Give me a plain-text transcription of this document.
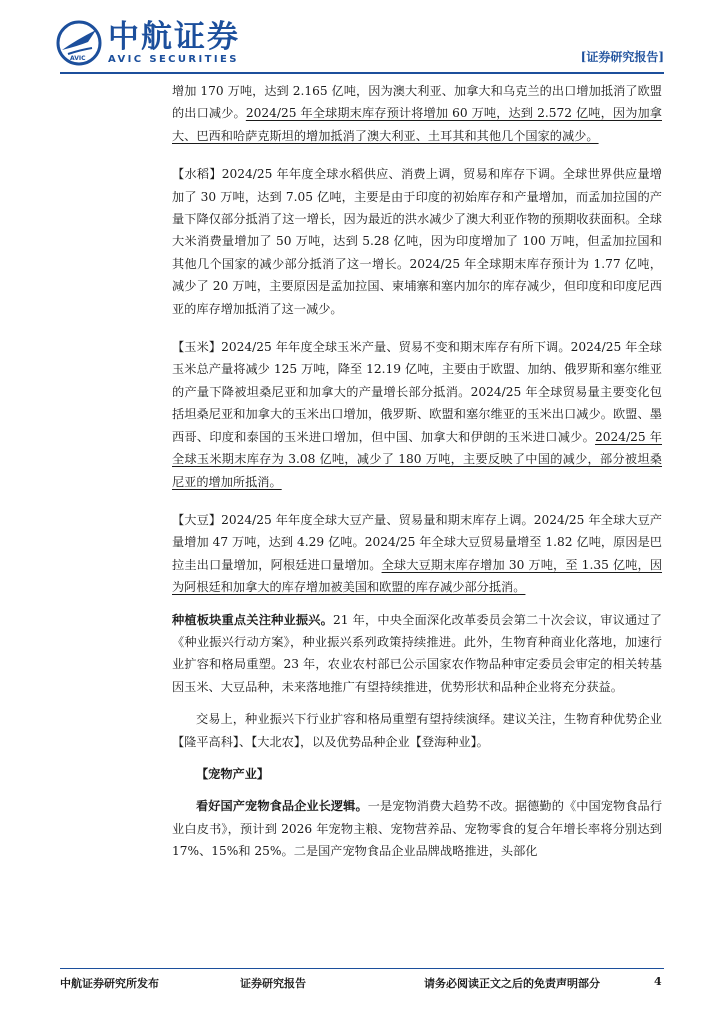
AVIC
中航证券
AVIC SECURITIES	[证券研究报告]

增加 170 万吨，达到 2.165 亿吨，因为澳大利亚、加拿大和乌克兰的出口增加抵消了欧盟的出口减少。2024/25 年全球期末库存预计将增加 60 万吨，达到 2.572 亿吨，因为加拿大、巴西和哈萨克斯坦的增加抵消了澳大利亚、土耳其和其他几个国家的减少。

【水稻】2024/25 年年度全球水稻供应、消费上调，贸易和库存下调。全球世界供应量增加了 30 万吨，达到 7.05 亿吨，主要是由于印度的初始库存和产量增加，而孟加拉国的产量下降仅部分抵消了这一增长，因为最近的洪水减少了澳大利亚作物的预期收获面积。全球大米消费量增加了 50 万吨，达到 5.28 亿吨，因为印度增加了 100 万吨，但孟加拉国和其他几个国家的减少部分抵消了这一增长。2024/25 年全球期末库存预计为 1.77 亿吨，减少了 20 万吨，主要原因是孟加拉国、柬埔寨和塞内加尔的库存减少，但印度和印度尼西亚的库存增加抵消了这一减少。

【玉米】2024/25 年年度全球玉米产量、贸易不变和期末库存有所下调。2024/25 年全球玉米总产量将减少 125 万吨，降至 12.19 亿吨，主要由于欧盟、加纳、俄罗斯和塞尔维亚的产量下降被坦桑尼亚和加拿大的产量增长部分抵消。2024/25 年全球贸易量主要变化包括坦桑尼亚和加拿大的玉米出口增加，俄罗斯、欧盟和塞尔维亚的玉米出口减少。欧盟、墨西哥、印度和泰国的玉米进口增加，但中国、加拿大和伊朗的玉米进口减少。2024/25 年全球玉米期末库存为 3.08 亿吨，减少了 180 万吨，主要反映了中国的减少，部分被坦桑尼亚的增加所抵消。

【大豆】2024/25 年年度全球大豆产量、贸易量和期末库存上调。2024/25 年全球大豆产量增加 47 万吨，达到 4.29 亿吨。2024/25 年全球大豆贸易量增至 1.82 亿吨，原因是巴拉圭出口量增加，阿根廷进口量增加。全球大豆期末库存增加 30 万吨，至 1.35 亿吨，因为阿根廷和加拿大的库存增加被美国和欧盟的库存减少部分抵消。

种植板块重点关注种业振兴。21 年，中央全面深化改革委员会第二十次会议，审议通过了《种业振兴行动方案》，种业振兴系列政策持续推进。此外，生物育种商业化落地，加速行业扩容和格局重塑。23 年，农业农村部已公示国家农作物品种审定委员会审定的相关转基因玉米、大豆品种，未来落地推广有望持续推进，优势形状和品种企业将充分获益。

交易上，种业振兴下行业扩容和格局重塑有望持续演绎。建议关注，生物育种优势企业【隆平高科】、【大北农】，以及优势品种企业【登海种业】。

【宠物产业】

看好国产宠物食品企业长逻辑。一是宠物消费大趋势不改。据德勤的《中国宠物食品行业白皮书》，预计到 2026 年宠物主粮、宠物营养品、宠物零食的复合年增长率将分别达到 17%、15%和 25%。二是国产宠物食品企业品牌战略推进，头部化

中航证券研究所发布	证券研究报告	请务必阅读正文之后的免责声明部分	4
